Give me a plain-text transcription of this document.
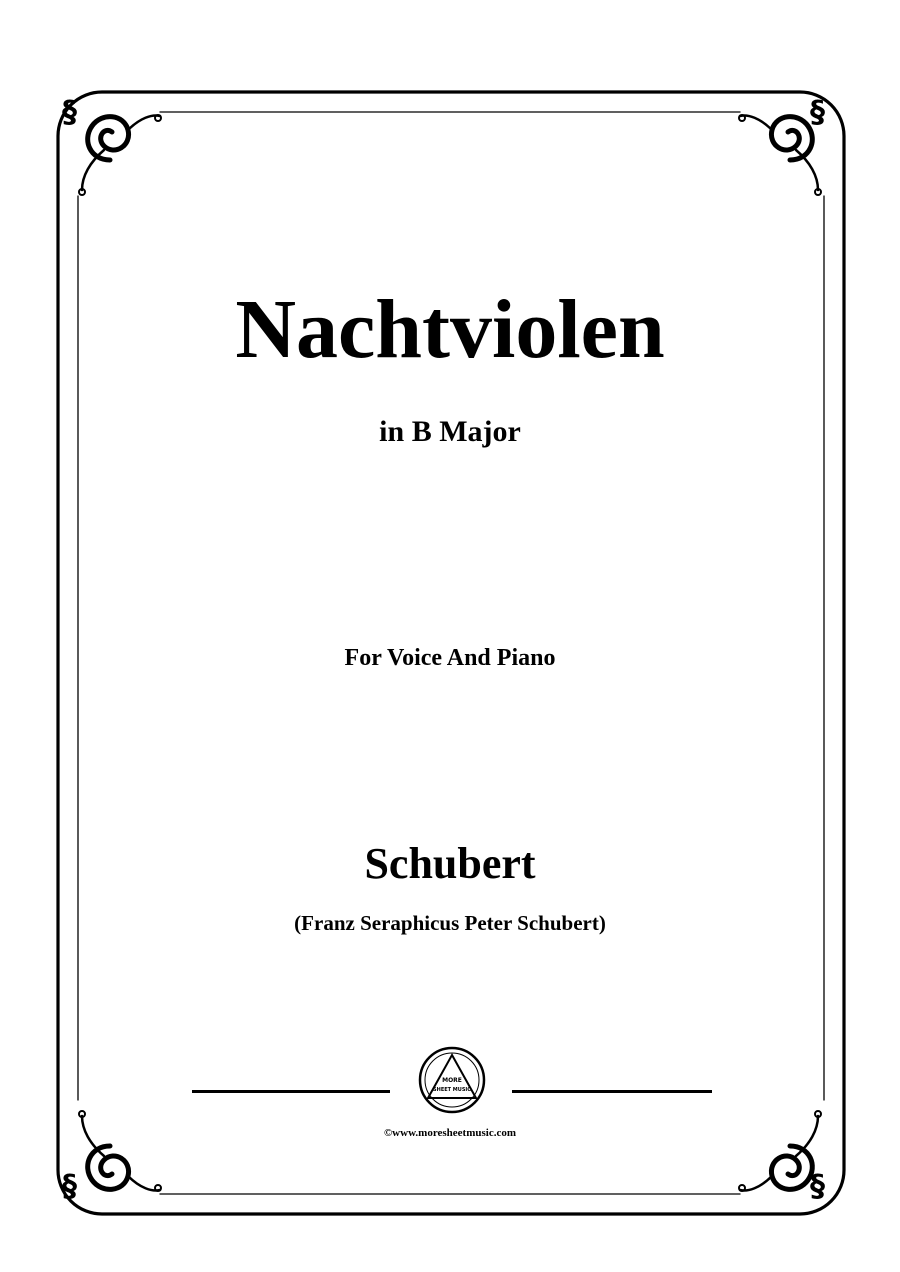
§	§
§	§
Nachtviolen
in B Major
For Voice And Piano
Schubert
(Franz Seraphicus Peter Schubert)
MORE
SHEET MUSIC
©www.moresheetmusic.com
